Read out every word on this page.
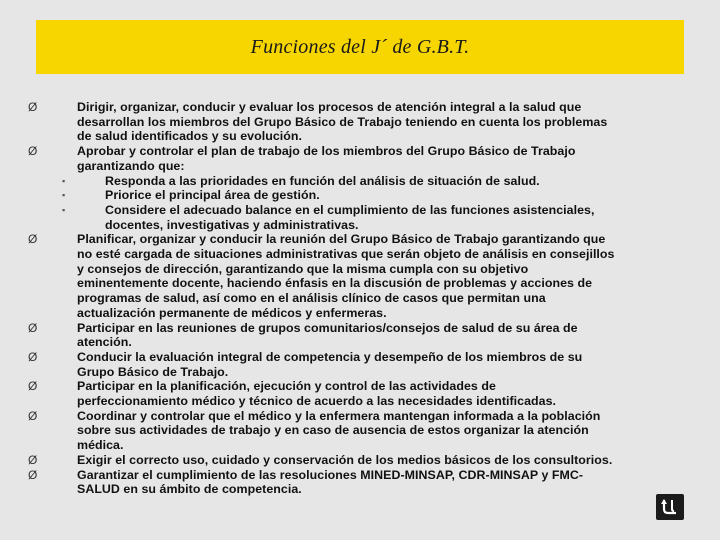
Funciones del J´ de G.B.T.
Ø	Dirigir, organizar, conducir y evaluar los procesos de atención integral a la salud que
desarrollan los miembros del Grupo Básico de Trabajo teniendo en cuenta los problemas
de salud identificados y su evolución.
Ø	Aprobar y controlar el plan de trabajo de los miembros del Grupo Básico de Trabajo
garantizando que:
▪	Responda a las prioridades en función del análisis de situación de salud.
▪	Priorice el principal área de gestión.
▪	Considere el adecuado balance en el cumplimiento de las funciones asistenciales,
docentes, investigativas y administrativas.
Ø	Planificar, organizar y conducir la reunión del Grupo Básico de Trabajo garantizando que
no esté cargada de situaciones administrativas que serán objeto de análisis en consejillos
y consejos de dirección, garantizando que la misma cumpla con su objetivo
eminentemente docente, haciendo énfasis en la discusión de problemas y acciones de
programas de salud, así como en el análisis clínico de casos que permitan una
actualización permanente de médicos y enfermeras.
Ø	Participar en las reuniones de grupos comunitarios/consejos de salud de su área de
atención.
Ø	Conducir la evaluación integral de competencia y desempeño de los miembros de su
Grupo Básico de Trabajo.
Ø	Participar en la planificación, ejecución y control de las actividades de
perfeccionamiento médico y técnico de acuerdo a las necesidades identificadas.
Ø	Coordinar y controlar que el médico y la enfermera mantengan informada a la población
sobre sus actividades de trabajo y en caso de ausencia de estos organizar la atención
médica.
Ø	Exigir el correcto uso, cuidado y conservación de los medios básicos de los consultorios.
Ø	Garantizar el cumplimiento de las resoluciones MINED-MINSAP, CDR-MINSAP y FMC-
SALUD en su ámbito de competencia.
